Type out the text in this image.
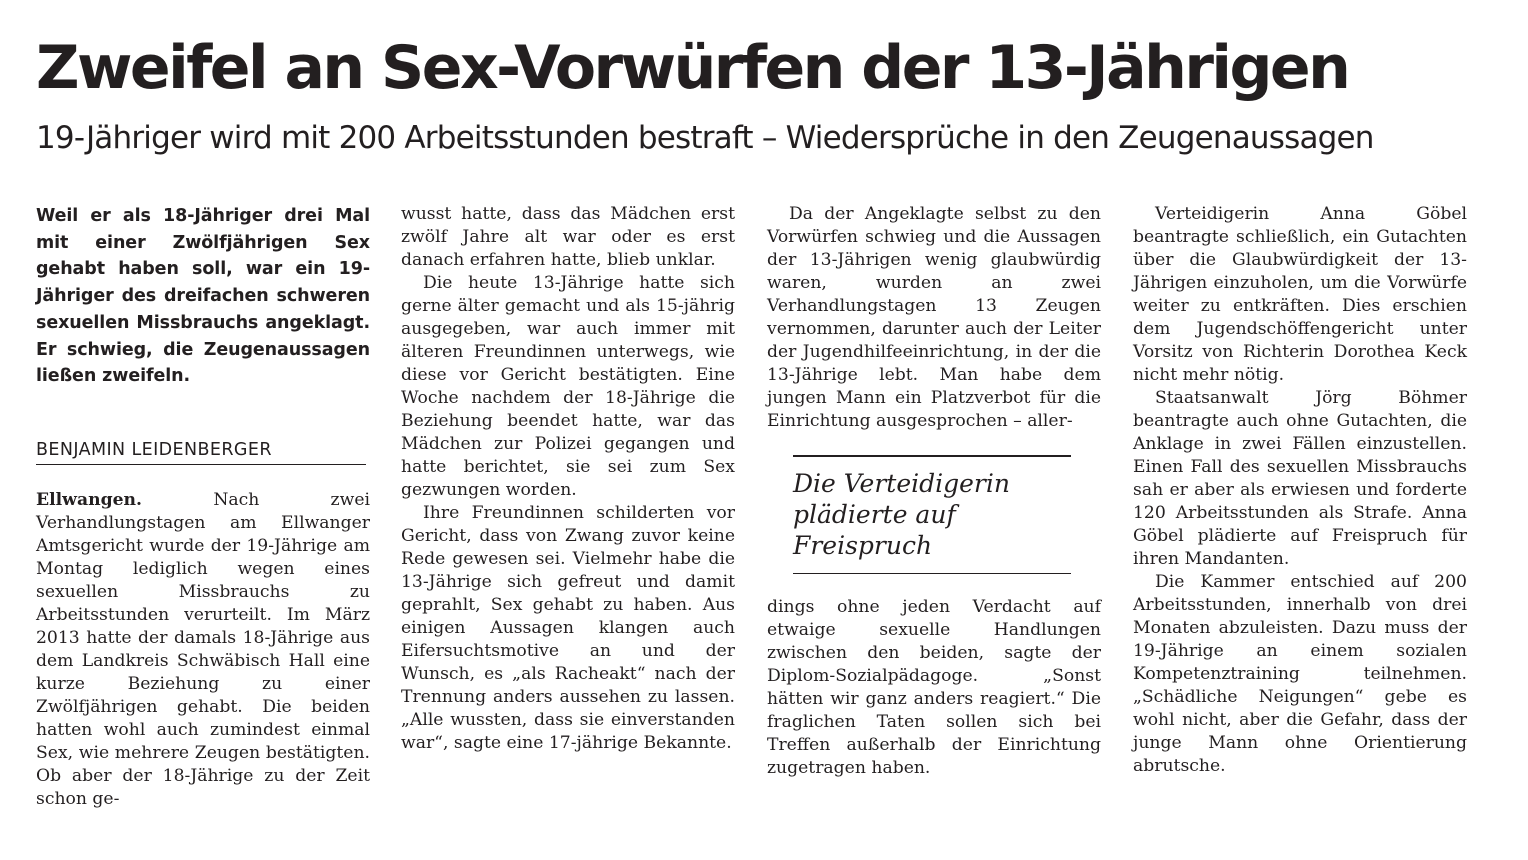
Zweifel an Sex-Vorwürfen der 13-Jährigen
19-Jähriger wird mit 200 Arbeitsstunden bestraft – Wiedersprüche in den Zeugenaussagen

Weil er als 18-Jähriger drei Mal mit einer Zwölfjährigen Sex gehabt haben soll, war ein 19-Jähriger des dreifachen schweren sexuellen Missbrauchs angeklagt. Er schwieg, die Zeugenaussagen ließen zweifeln.

BENJAMIN LEIDENBERGER

Ellwangen.	Nach zwei Verhandlungstagen am Ellwanger Amtsgericht wurde der 19-Jährige am Montag lediglich wegen eines sexuellen Missbrauchs zu Arbeitsstunden verurteilt. Im März 2013 hatte der damals 18-Jährige aus dem Landkreis Schwäbisch Hall eine kurze Beziehung zu einer Zwölfjährigen gehabt. Die beiden hatten wohl auch zumindest einmal Sex, wie mehrere Zeugen bestätigten. Ob aber der 18-Jährige zu der Zeit schon ge-

wusst hatte, dass das Mädchen erst zwölf Jahre alt war oder es erst danach erfahren hatte, blieb unklar.

Die heute 13-Jährige hatte sich gerne älter gemacht und als 15-jährig ausgegeben, war auch immer mit älteren Freundinnen unterwegs, wie diese vor Gericht bestätigten. Eine Woche nachdem der 18-Jährige die Beziehung beendet hatte, war das Mädchen zur Polizei gegangen und hatte berichtet, sie sei zum Sex gezwungen worden.

Ihre Freundinnen schilderten vor Gericht, dass von Zwang zuvor keine Rede gewesen sei. Vielmehr habe die 13-Jährige sich gefreut und damit geprahlt, Sex gehabt zu haben. Aus einigen Aussagen klangen auch Eifersuchtsmotive an und der Wunsch, es „als Racheakt“ nach der Trennung anders aussehen zu lassen. „Alle wussten, dass sie einverstanden war“, sagte eine 17-jährige Bekannte.

Da der Angeklagte selbst zu den Vorwürfen schwieg und die Aussagen der 13-Jährigen wenig glaubwürdig waren, wurden an zwei Verhandlungstagen 13 Zeugen vernommen, darunter auch der Leiter der Jugendhilfeeinrichtung, in der die 13-Jährige lebt. Man habe dem jungen Mann ein Platzverbot für die Einrichtung ausgesprochen – aller-

Die Verteidigerin plädierte auf Freispruch

dings ohne jeden Verdacht auf etwaige sexuelle Handlungen zwischen den beiden, sagte der Diplom-Sozialpädagoge. „Sonst hätten wir ganz anders reagiert.“ Die fraglichen Taten sollen sich bei Treffen außerhalb der Einrichtung zugetragen haben.

Verteidigerin Anna Göbel beantragte schließlich, ein Gutachten über die Glaubwürdigkeit der 13-Jährigen einzuholen, um die Vorwürfe weiter zu entkräften. Dies erschien dem Jugendschöffengericht unter Vorsitz von Richterin Dorothea Keck nicht mehr nötig.

Staatsanwalt Jörg Böhmer beantragte auch ohne Gutachten, die Anklage in zwei Fällen einzustellen. Einen Fall des sexuellen Missbrauchs sah er aber als erwiesen und forderte 120 Arbeitsstunden als Strafe. Anna Göbel plädierte auf Freispruch für ihren Mandanten.

Die Kammer entschied auf 200 Arbeitsstunden, innerhalb von drei Monaten abzuleisten. Dazu muss der 19-Jährige an einem sozialen Kompetenztraining teilnehmen. „Schädliche Neigungen“ gebe es wohl nicht, aber die Gefahr, dass der junge Mann ohne Orientierung abrutsche.
